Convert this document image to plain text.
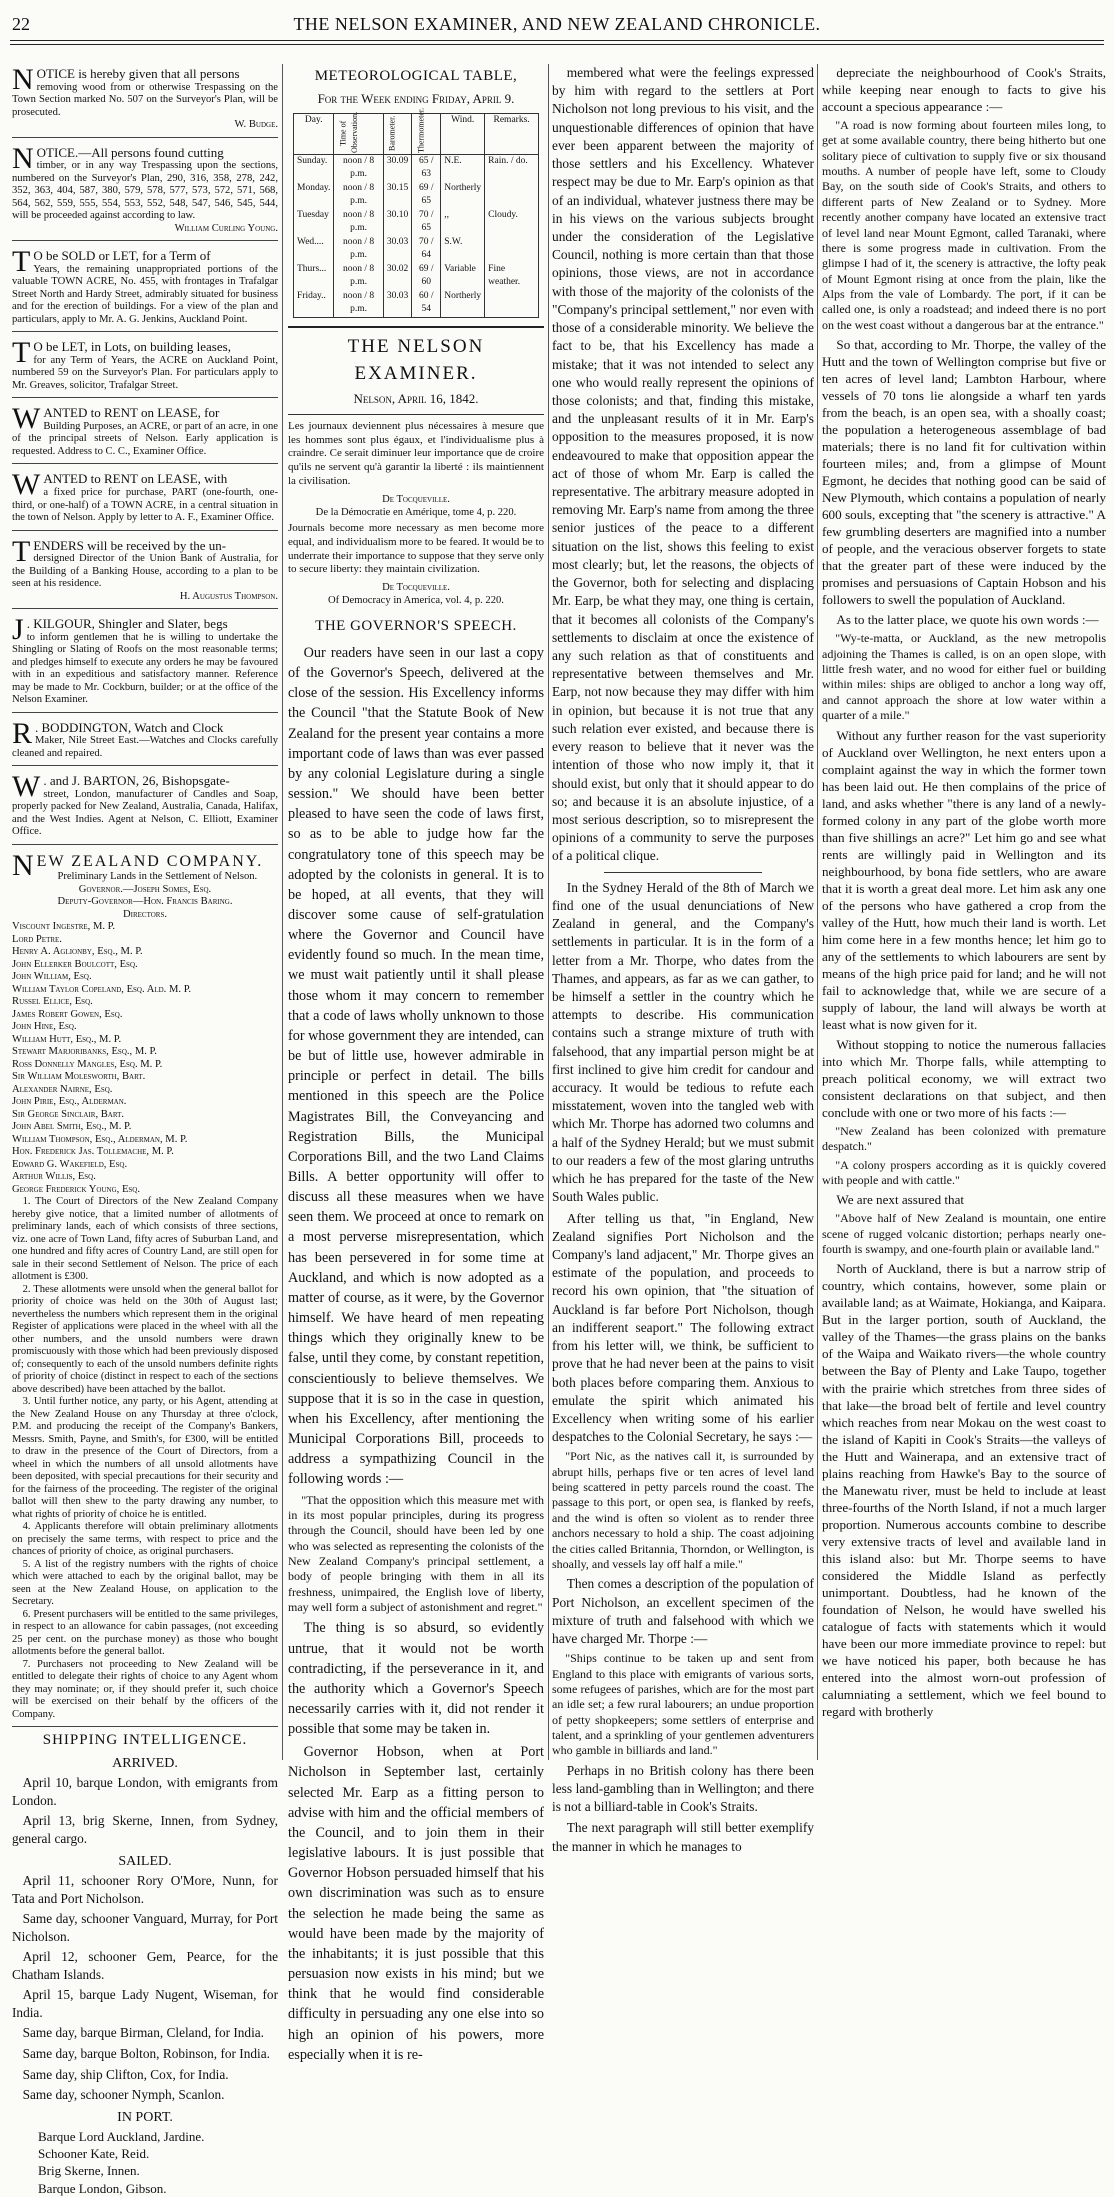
22	THE NELSON EXAMINER, AND NEW ZEALAND CHRONICLE.

NOTICE is hereby given that all persons

removing wood from or otherwise Trespassing on the Town Section marked No. 507 on the Surveyor's Plan, will be prosecuted.

W. Budge.

NOTICE.—All persons found cutting

timber, or in any way Trespassing upon the sections, numbered on the Surveyor's Plan, 290, 316, 358, 278, 242, 352, 363, 404, 587, 380, 579, 578, 577, 573, 572, 571, 568, 564, 562, 559, 555, 554, 553, 552, 548, 547, 546, 545, 544, will be proceeded against according to law.

William Curling Young.

T O be SOLD or LET, for a Term of

Years, the remaining unappropriated portions of the valuable TOWN ACRE, No. 455, with frontages in Trafalgar Street North and Hardy Street, admirably situated for business and for the erection of buildings. For a view of the plan and particulars, apply to Mr. A. G. Jenkins, Auckland Point.

T O be LET, in Lots, on building leases,

for any Term of Years, the ACRE on Auckland Point, numbered 59 on the Surveyor's Plan. For particulars apply to Mr. Greaves, solicitor, Trafalgar Street.

WANTED to RENT on LEASE, for

Building Purposes, an ACRE, or part of an acre, in one of the principal streets of Nelson. Early application is requested. Address to C. C., Examiner Office.

WANTED to RENT on LEASE, with

a fixed price for purchase, PART (one-fourth, one-third, or one-half) of a TOWN ACRE, in a central situation in the town of Nelson. Apply by letter to A. F., Examiner Office.

TENDERS will be received by the un-

dersigned Director of the Union Bank of Australia, for the Building of a Banking House, according to a plan to be seen at his residence.

H. Augustus Thompson.

J . KILGOUR, Shingler and Slater, begs

to inform gentlemen that he is willing to undertake the Shingling or Slating of Roofs on the most reasonable terms; and pledges himself to execute any orders he may be favoured with in an expeditious and satisfactory manner. Reference may be made to Mr. Cockburn, builder; or at the office of the Nelson Examiner.

R . BODDINGTON, Watch and Clock

Maker, Nile Street East.—Watches and Clocks carefully cleaned and repaired.

W . and J. BARTON, 26, Bishopsgate-

street, London, manufacturer of Candles and Soap, properly packed for New Zealand, Australia, Canada, Halifax, and the West Indies. Agent at Nelson, C. Elliott, Examiner Office.

NEW ZEALAND COMPANY.

Preliminary Lands in the Settlement of Nelson.

Governor.—Joseph Somes, Esq.

Deputy-Governor—Hon. Francis Baring.

Directors.

Viscount Ingestre, M. P.
Lord Petre.
Henry A. Aglionby, Esq., M. P.
John Ellerker Boulcott, Esq.
John William, Esq.
William Taylor Copeland, Esq. Ald. M. P.
Russel Ellice, Esq.
James Robert Gowen, Esq.
John Hine, Esq.
William Hutt, Esq., M. P.
Stewart Marjoribanks, Esq., M. P.
Ross Donnelly Mangles, Esq. M. P.
Sir William Molesworth, Bart.
Alexander Nairne, Esq.
John Pirie, Esq., Alderman.
Sir George Sinclair, Bart.
John Abel Smith, Esq., M. P.
William Thompson, Esq., Alderman, M. P.
Hon. Frederick Jas. Tollemache, M. P.
Edward G. Wakefield, Esq.
Arthur Willis, Esq.
George Frederick Young, Esq.

1. The Court of Directors of the New Zealand Company hereby give notice, that a limited number of allotments of preliminary lands, each of which consists of three sections, viz. one acre of Town Land, fifty acres of Suburban Land, and one hundred and fifty acres of Country Land, are still open for sale in their second Settlement of Nelson. The price of each allotment is £300.

2. These allotments were unsold when the general ballot for priority of choice was held on the 30th of August last; nevertheless the numbers which represent them in the original Register of applications were placed in the wheel with all the other numbers, and the unsold numbers were drawn promiscuously with those which had been previously disposed of; consequently to each of the unsold numbers definite rights of priority of choice (distinct in respect to each of the sections above described) have been attached by the ballot.

3. Until further notice, any party, or his Agent, attending at the New Zealand House on any Thursday at three o'clock, P.M. and producing the receipt of the Company's Bankers, Messrs. Smith, Payne, and Smith's, for £300, will be entitled to draw in the presence of the Court of Directors, from a wheel in which the numbers of all unsold allotments have been deposited, with special precautions for their security and for the fairness of the proceeding. The register of the original ballot will then shew to the party drawing any number, to what rights of priority of choice he is entitled.

4. Applicants therefore will obtain preliminary allotments on precisely the same terms, with respect to price and the chances of priority of choice, as original purchasers.

5. A list of the registry numbers with the rights of choice which were attached to each by the original ballot, may be seen at the New Zealand House, on application to the Secretary.

6. Present purchasers will be entitled to the same privileges, in respect to an allowance for cabin passages, (not exceeding 25 per cent. on the purchase money) as those who bought allotments before the general ballot.

7. Purchasers not proceeding to New Zealand will be entitled to delegate their rights of choice to any Agent whom they may nominate; or, if they should prefer it, such choice will be exercised on their behalf by the officers of the Company.

SHIPPING INTELLIGENCE.
ARRIVED.

April 10, barque London, with emigrants from London.

April 13, brig Skerne, Innen, from Sydney, general cargo.

SAILED.

April 11, schooner Rory O'More, Nunn, for Tata and Port Nicholson.

Same day, schooner Vanguard, Murray, for Port Nicholson.

April 12, schooner Gem, Pearce, for the Chatham Islands.

April 15, barque Lady Nugent, Wiseman, for India.

Same day, barque Birman, Cleland, for India.

Same day, barque Bolton, Robinson, for India.

Same day, ship Clifton, Cox, for India.

Same day, schooner Nymph, Scanlon.

IN PORT.

Barque Lord Auckland, Jardine.

Schooner Kate, Reid.

Brig Skerne, Innen.

Barque London, Gibson.

METEOROLOGICAL TABLE,
For the Week ending Friday, April 9.
Day.	Time of Observation.	Barometer.	Thermometer.	Wind.	Remarks.
Sunday.	noon / 8 p.m.	30.09	65 / 63	N.E.	Rain. / do.
Monday.	noon / 8 p.m.	30.15	69 / 65	Northerly	
Tuesday	noon / 8 p.m.	30.10	70 / 65	,,	Cloudy.
Wed....	noon / 8 p.m.	30.03	70 / 64	S.W.	
Thurs...	noon / 8 p.m.	30.02	69 / 60	Variable	Fine weather.
Friday..	noon / 8 p.m.	30.03	60 / 54	Northerly	
THE NELSON EXAMINER.
Nelson, April 16, 1842.

Les journaux deviennent plus nécessaires à mesure que les hommes sont plus égaux, et l'individualisme plus à craindre. Ce serait diminuer leur importance que de croire qu'ils ne servent qu'à garantir la liberté : ils maintiennent la civilisation.

De Tocqueville.
De la Démocratie en Amérique, tome 4, p. 220.

Journals become more necessary as men become more equal, and individualism more to be feared. It would be to underrate their importance to suppose that they serve only to secure liberty: they maintain civilization.

De Tocqueville.
Of Democracy in America, vol. 4, p. 220.
THE GOVERNOR'S SPEECH.

Our readers have seen in our last a copy of the Governor's Speech, delivered at the close of the session. His Excellency informs the Council "that the Statute Book of New Zealand for the present year contains a more important code of laws than was ever passed by any colonial Legislature during a single session." We should have been better pleased to have seen the code of laws first, so as to be able to judge how far the congratulatory tone of this speech may be adopted by the colonists in general. It is to be hoped, at all events, that they will discover some cause of self-gratulation where the Governor and Council have evidently found so much. In the mean time, we must wait patiently until it shall please those whom it may concern to remember that a code of laws wholly unknown to those for whose government they are intended, can be but of little use, however admirable in principle or perfect in detail. The bills mentioned in this speech are the Police Magistrates Bill, the Conveyancing and Registration Bills, the Municipal Corporations Bill, and the two Land Claims Bills. A better opportunity will offer to discuss all these measures when we have seen them. We proceed at once to remark on a most perverse misrepresentation, which has been persevered in for some time at Auckland, and which is now adopted as a matter of course, as it were, by the Governor himself. We have heard of men repeating things which they originally knew to be false, until they come, by constant repetition, conscientiously to believe themselves. We suppose that it is so in the case in question, when his Excellency, after mentioning the Municipal Corporations Bill, proceeds to address a sympathizing Council in the following words :—

"That the opposition which this measure met with in its most popular principles, during its progress through the Council, should have been led by one who was selected as representing the colonists of the New Zealand Company's principal settlement, a body of people bringing with them in all its freshness, unimpaired, the English love of liberty, may well form a subject of astonishment and regret."

The thing is so absurd, so evidently untrue, that it would not be worth contradicting, if the perseverance in it, and the authority which a Governor's Speech necessarily carries with it, did not render it possible that some may be taken in.

Governor Hobson, when at Port Nicholson in September last, certainly selected Mr. Earp as a fitting person to advise with him and the official members of the Council, and to join them in their legislative labours. It is just possible that Governor Hobson persuaded himself that his own discrimination was such as to ensure the selection he made being the same as would have been made by the majority of the inhabitants; it is just possible that this persuasion now exists in his mind; but we think that he would find considerable difficulty in persuading any one else into so high an opinion of his powers, more especially when it is re-

membered what were the feelings expressed by him with regard to the settlers at Port Nicholson not long previous to his visit, and the unquestionable differences of opinion that have ever been apparent between the majority of those settlers and his Excellency. Whatever respect may be due to Mr. Earp's opinion as that of an individual, whatever justness there may be in his views on the various subjects brought under the consideration of the Legislative Council, nothing is more certain than that those opinions, those views, are not in accordance with those of the majority of the colonists of the "Company's principal settlement," nor even with those of a considerable minority. We believe the fact to be, that his Excellency has made a mistake; that it was not intended to select any one who would really represent the opinions of those colonists; and that, finding this mistake, and the unpleasant results of it in Mr. Earp's opposition to the measures proposed, it is now endeavoured to make that opposition appear the act of those of whom Mr. Earp is called the representative. The arbitrary measure adopted in removing Mr. Earp's name from among the three senior justices of the peace to a different situation on the list, shows this feeling to exist most clearly; but, let the reasons, the objects of the Governor, both for selecting and displacing Mr. Earp, be what they may, one thing is certain, that it becomes all colonists of the Company's settlements to disclaim at once the existence of any such relation as that of constituents and representative between themselves and Mr. Earp, not now because they may differ with him in opinion, but because it is not true that any such relation ever existed, and because there is every reason to believe that it never was the intention of those who now imply it, that it should exist, but only that it should appear to do so; and because it is an absolute injustice, of a most serious description, so to misrepresent the opinions of a community to serve the purposes of a political clique.

In the Sydney Herald of the 8th of March we find one of the usual denunciations of New Zealand in general, and the Company's settlements in particular. It is in the form of a letter from a Mr. Thorpe, who dates from the Thames, and appears, as far as we can gather, to be himself a settler in the country which he attempts to describe. His communication contains such a strange mixture of truth with falsehood, that any impartial person might be at first inclined to give him credit for candour and accuracy. It would be tedious to refute each misstatement, woven into the tangled web with which Mr. Thorpe has adorned two columns and a half of the Sydney Herald; but we must submit to our readers a few of the most glaring untruths which he has prepared for the taste of the New South Wales public.

After telling us that, "in England, New Zealand signifies Port Nicholson and the Company's land adjacent," Mr. Thorpe gives an estimate of the population, and proceeds to record his own opinion, that "the situation of Auckland is far before Port Nicholson, though an indifferent seaport." The following extract from his letter will, we think, be sufficient to prove that he had never been at the pains to visit both places before comparing them. Anxious to emulate the spirit which animated his Excellency when writing some of his earlier despatches to the Colonial Secretary, he says :—

"Port Nic, as the natives call it, is surrounded by abrupt hills, perhaps five or ten acres of level land being scattered in petty parcels round the coast. The passage to this port, or open sea, is flanked by reefs, and the wind is often so violent as to render three anchors necessary to hold a ship. The coast adjoining the cities called Britannia, Thorndon, or Wellington, is shoally, and vessels lay off half a mile."

Then comes a description of the population of Port Nicholson, an excellent specimen of the mixture of truth and falsehood with which we have charged Mr. Thorpe :—

"Ships continue to be taken up and sent from England to this place with emigrants of various sorts, some refugees of parishes, which are for the most part an idle set; a few rural labourers; an undue proportion of petty shopkeepers; some settlers of enterprise and talent, and a sprinkling of your gentlemen adventurers who gamble in billiards and land."

Perhaps in no British colony has there been less land-gambling than in Wellington; and there is not a billiard-table in Cook's Straits.

The next paragraph will still better exemplify the manner in which he manages to

depreciate the neighbourhood of Cook's Straits, while keeping near enough to facts to give his account a specious appearance :—

"A road is now forming about fourteen miles long, to get at some available country, there being hitherto but one solitary piece of cultivation to supply five or six thousand mouths. A number of people have left, some to Cloudy Bay, on the south side of Cook's Straits, and others to different parts of New Zealand or to Sydney. More recently another company have located an extensive tract of level land near Mount Egmont, called Taranaki, where there is some progress made in cultivation. From the glimpse I had of it, the scenery is attractive, the lofty peak of Mount Egmont rising at once from the plain, like the Alps from the vale of Lombardy. The port, if it can be called one, is only a roadstead; and indeed there is no port on the west coast without a dangerous bar at the entrance."

So that, according to Mr. Thorpe, the valley of the Hutt and the town of Wellington comprise but five or ten acres of level land; Lambton Harbour, where vessels of 70 tons lie alongside a wharf ten yards from the beach, is an open sea, with a shoally coast; the population a heterogeneous assemblage of bad materials; there is no land fit for cultivation within fourteen miles; and, from a glimpse of Mount Egmont, he decides that nothing good can be said of New Plymouth, which contains a population of nearly 600 souls, excepting that "the scenery is attractive." A few grumbling deserters are magnified into a number of people, and the veracious observer forgets to state that the greater part of these were induced by the promises and persuasions of Captain Hobson and his followers to swell the population of Auckland.

As to the latter place, we quote his own words :—

"Wy-te-matta, or Auckland, as the new metropolis adjoining the Thames is called, is on an open slope, with little fresh water, and no wood for either fuel or building within miles: ships are obliged to anchor a long way off, and cannot approach the shore at low water within a quarter of a mile."

Without any further reason for the vast superiority of Auckland over Wellington, he next enters upon a complaint against the way in which the former town has been laid out. He then complains of the price of land, and asks whether "there is any land of a newly-formed colony in any part of the globe worth more than five shillings an acre?" Let him go and see what rents are willingly paid in Wellington and its neighbourhood, by bona fide settlers, who are aware that it is worth a great deal more. Let him ask any one of the persons who have gathered a crop from the valley of the Hutt, how much their land is worth. Let him come here in a few months hence; let him go to any of the settlements to which labourers are sent by means of the high price paid for land; and he will not fail to acknowledge that, while we are secure of a supply of labour, the land will always be worth at least what is now given for it.

Without stopping to notice the numerous fallacies into which Mr. Thorpe falls, while attempting to preach political economy, we will extract two consistent declarations on that subject, and then conclude with one or two more of his facts :—

"New Zealand has been colonized with premature despatch."

"A colony prospers according as it is quickly covered with people and with cattle."

We are next assured that

"Above half of New Zealand is mountain, one entire scene of rugged volcanic distortion; perhaps nearly one-fourth is swampy, and one-fourth plain or available land."

North of Auckland, there is but a narrow strip of country, which contains, however, some plain or available land; as at Waimate, Hokianga, and Kaipara. But in the larger portion, south of Auckland, the valley of the Thames—the grass plains on the banks of the Waipa and Waikato rivers—the whole country between the Bay of Plenty and Lake Taupo, together with the prairie which stretches from three sides of that lake—the broad belt of fertile and level country which reaches from near Mokau on the west coast to the island of Kapiti in Cook's Straits—the valleys of the Hutt and Wainerapa, and an extensive tract of plains reaching from Hawke's Bay to the source of the Manewatu river, must be held to include at least three-fourths of the North Island, if not a much larger proportion. Numerous accounts combine to describe very extensive tracts of level and available land in this island also: but Mr. Thorpe seems to have considered the Middle Island as perfectly unimportant. Doubtless, had he known of the foundation of Nelson, he would have swelled his catalogue of facts with statements which it would have been our more immediate province to repel: but we have noticed his paper, both because he has entered into the almost worn-out profession of calumniating a settlement, which we feel bound to regard with brotherly
